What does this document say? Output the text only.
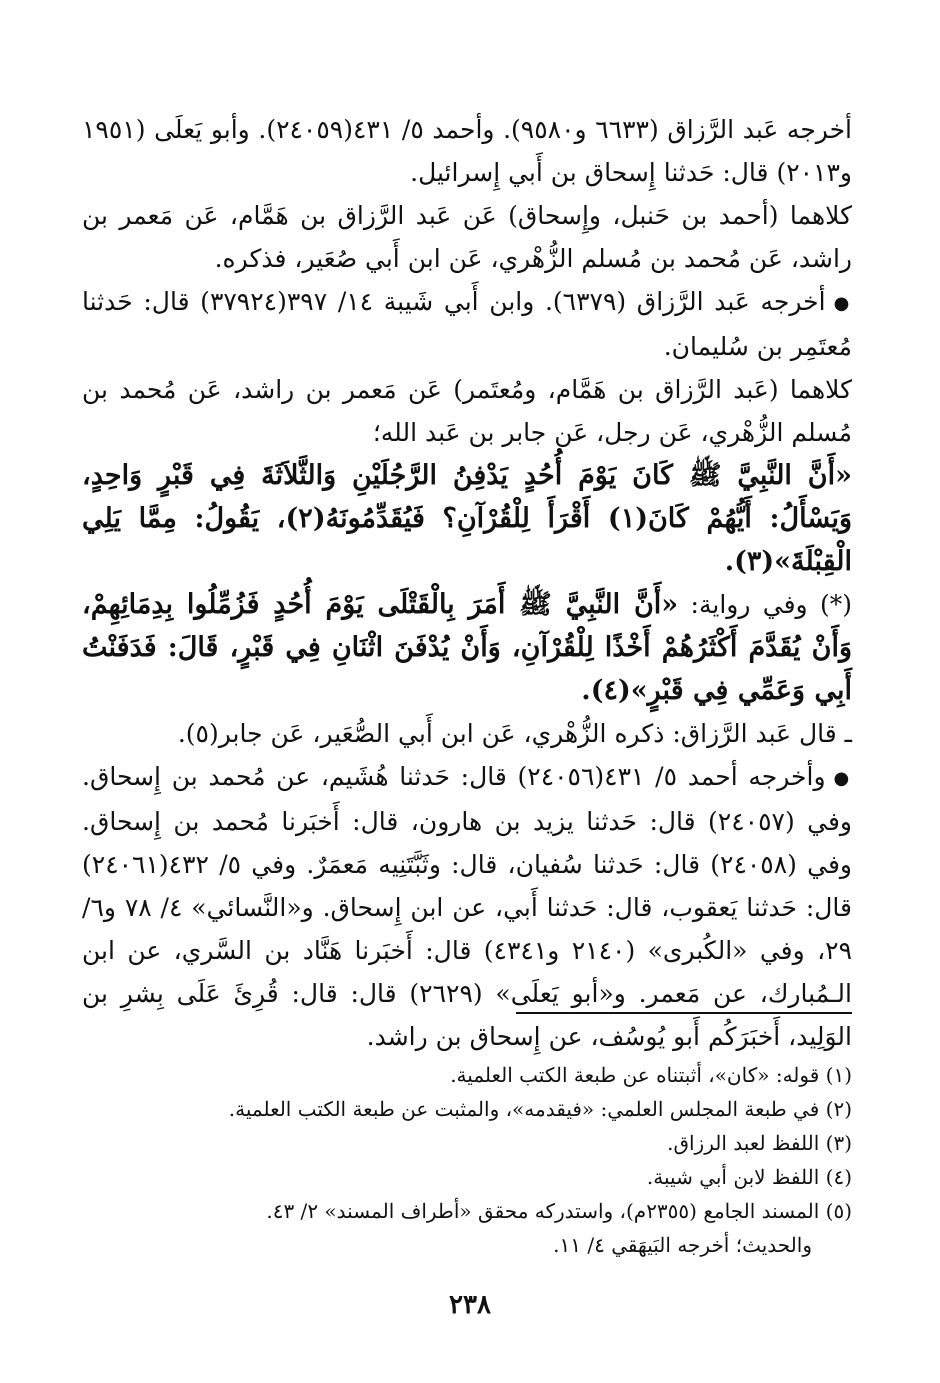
أخرجه عَبد الرَّزاق (٦٦٣٣ و٩٥٨٠). وأحمد ٥/ ٤٣١(٢٤٠٥٩). وأبو يَعلَى (١٩٥١ و٢٠١٣) قال: حَدثنا إِسحاق بن أَبي إِسرائيل.

كلاهما (أحمد بن حَنبل، وإِسحاق) عَن عَبد الرَّزاق بن هَمَّام، عَن مَعمر بن راشد، عَن مُحمد بن مُسلم الزُّهْري، عَن ابن أَبي صُعَير، فذكره.

●أخرجه عَبد الرَّزاق (٦٣٧٩). وابن أَبي شَيبة ١٤/ ٣٩٧(٣٧٩٢٤) قال: حَدثنا مُعتَمِر بن سُليمان.

كلاهما (عَبد الرَّزاق بن هَمَّام، ومُعتَمر) عَن مَعمر بن راشد، عَن مُحمد بن مُسلم الزُّهْري، عَن رجل، عَن جابر بن عَبد الله؛

«أَنَّ النَّبِيَّ ﷺ كَانَ يَوْمَ أُحُدٍ يَدْفِنُ الرَّجُلَيْنِ وَالثَّلاَثَةَ فِي قَبْرٍ وَاحِدٍ، وَيَسْأَلُ: أَيُّهُمْ كَانَ(١) أَقْرَأَ لِلْقُرْآنِ؟ فَيُقَدِّمُونَهُ(٢)، يَقُولُ: مِمَّا يَلِي الْقِبْلَةَ»(٣).

(*) وفي رواية: «أَنَّ النَّبِيَّ ﷺ أَمَرَ بِالْقَتْلَى يَوْمَ أُحُدٍ فَزُمِّلُوا بِدِمَائِهِمْ، وَأَنْ يُقَدَّمَ أَكْثَرُهُمْ أَخْذًا لِلْقُرْآنِ، وَأَنْ يُدْفَنَ اثْنَانِ فِي قَبْرٍ، قَالَ: فَدَفَنْتُ أَبِي وَعَمِّي فِي قَبْرٍ»(٤).

ـ قال عَبد الرَّزاق: ذكره الزُّهْري، عَن ابن أَبي الصُّعَير، عَن جابر(٥).

●وأخرجه أحمد ٥/ ٤٣١(٢٤٠٥٦) قال: حَدثنا هُشَيم، عن مُحمد بن إِسحاق. وفي (٢٤٠٥٧) قال: حَدثنا يزيد بن هارون، قال: أَخبَرنا مُحمد بن إِسحاق. وفي (٢٤٠٥٨) قال: حَدثنا سُفيان، قال: وثَبَّتَنِيه مَعمَرٌ. وفي ٥/ ٤٣٢(٢٤٠٦١) قال: حَدثنا يَعقوب، قال: حَدثنا أَبي، عن ابن إِسحاق. و«النَّسائي» ٤/ ٧٨ و٦/ ٢٩، وفي «الكُبرى» (٢١٤٠ و٤٣٤١) قال: أَخبَرنا هَنَّاد بن السَّري، عن ابن الـمُبارك، عن مَعمر. و«أبو يَعلَى» (٢٦٢٩) قال: قال: قُرِئَ عَلَى بِشرِ بن الوَلِيد، أَخبَرَكُم أَبو يُوسُف، عن إِسحاق بن راشد.

(١) قوله: «كان»، أثبتناه عن طبعة الكتب العلمية.

(٢) في طبعة المجلس العلمي: «فيقدمه»، والمثبت عن طبعة الكتب العلمية.

(٣) اللفظ لعبد الرزاق.

(٤) اللفظ لابن أبي شيبة.

(٥) المسند الجامع (٢٣٥٥م)، واستدركه محقق «أطراف المسند» ٢/ ٤٣.

والحديث؛ أخرجه البَيهَقي ٤/ ١١.

٢٣٨
